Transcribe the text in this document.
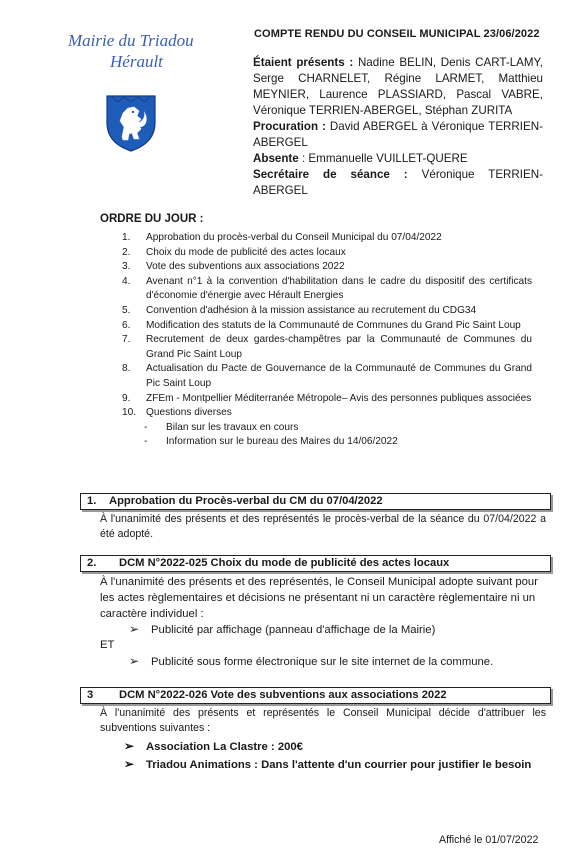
Mairie du Triadou
Hérault
COMPTE RENDU DU CONSEIL MUNICIPAL 23/06/2022
Étaient présents : Nadine BELIN, Denis CART-LAMY, Serge CHARNELET, Régine LARMET, Matthieu MEYNIER, Laurence PLASSIARD, Pascal VABRE, Véronique TERRIEN-ABERGEL, Stéphan ZURITA
Procuration : David ABERGEL à Véronique TERRIEN-ABERGEL
Absente : Emmanuelle VUILLET-QUERE
Secrétaire de séance : Véronique TERRIEN-ABERGEL
ORDRE DU JOUR :
1.	Approbation du procès-verbal du Conseil Municipal du 07/04/2022
2.	Choix du mode de publicité des actes locaux
3.	Vote des subventions aux associations 2022
4.	Avenant n°1 à la convention d'habilitation dans le cadre du dispositif des certificats d'économie d'énergie avec Hérault Energies
5.	Convention d'adhésion à la mission assistance au recrutement du CDG34
6.	Modification des statuts de la Communauté de Communes du Grand Pic Saint Loup
7.	Recrutement de deux gardes-champêtres par la Communauté de Communes du Grand Pic Saint Loup
8.	Actualisation du Pacte de Gouvernance de la Communauté de Communes du Grand Pic Saint Loup
9.	ZFEm - Montpellier Méditerranée Métropole– Avis des personnes publiques associées
10. Questions diverses
-	Bilan sur les travaux en cours
-	Information sur le bureau des Maires du 14/06/2022
1. Approbation du Procès-verbal du CM du 07/04/2022
À l'unanimité des présents et des représentés le procès-verbal de la séance du 07/04/2022 a été adopté.
2. DCM N°2022-025 Choix du mode de publicité des actes locaux
À l'unanimité des présents et des représentés, le Conseil Municipal adopte suivant pour les actes règlementaires et décisions ne présentant ni un caractère règlementaire ni un caractère individuel :
➢	Publicité par affichage (panneau d'affichage de la Mairie)
ET
➢	Publicité sous forme électronique sur le site internet de la commune.
3 DCM N°2022-026 Vote des subventions aux associations 2022
À l'unanimité des présents et représentés le Conseil Municipal décide d'attribuer les subventions suivantes :
➢	Association La Clastre : 200€
➢	Triadou Animations : Dans l'attente d'un courrier pour justifier le besoin
Affiché le 01/07/2022
